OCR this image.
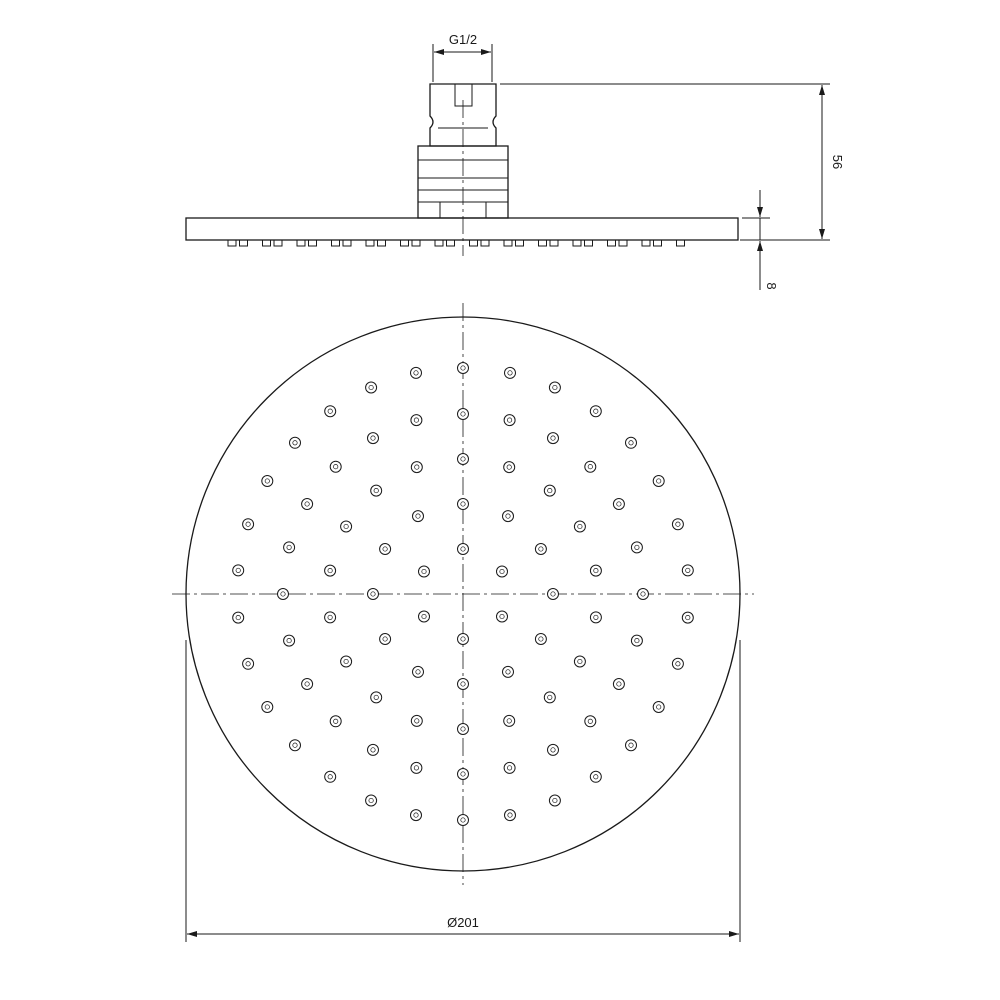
G1/2
56
8
Ø201
